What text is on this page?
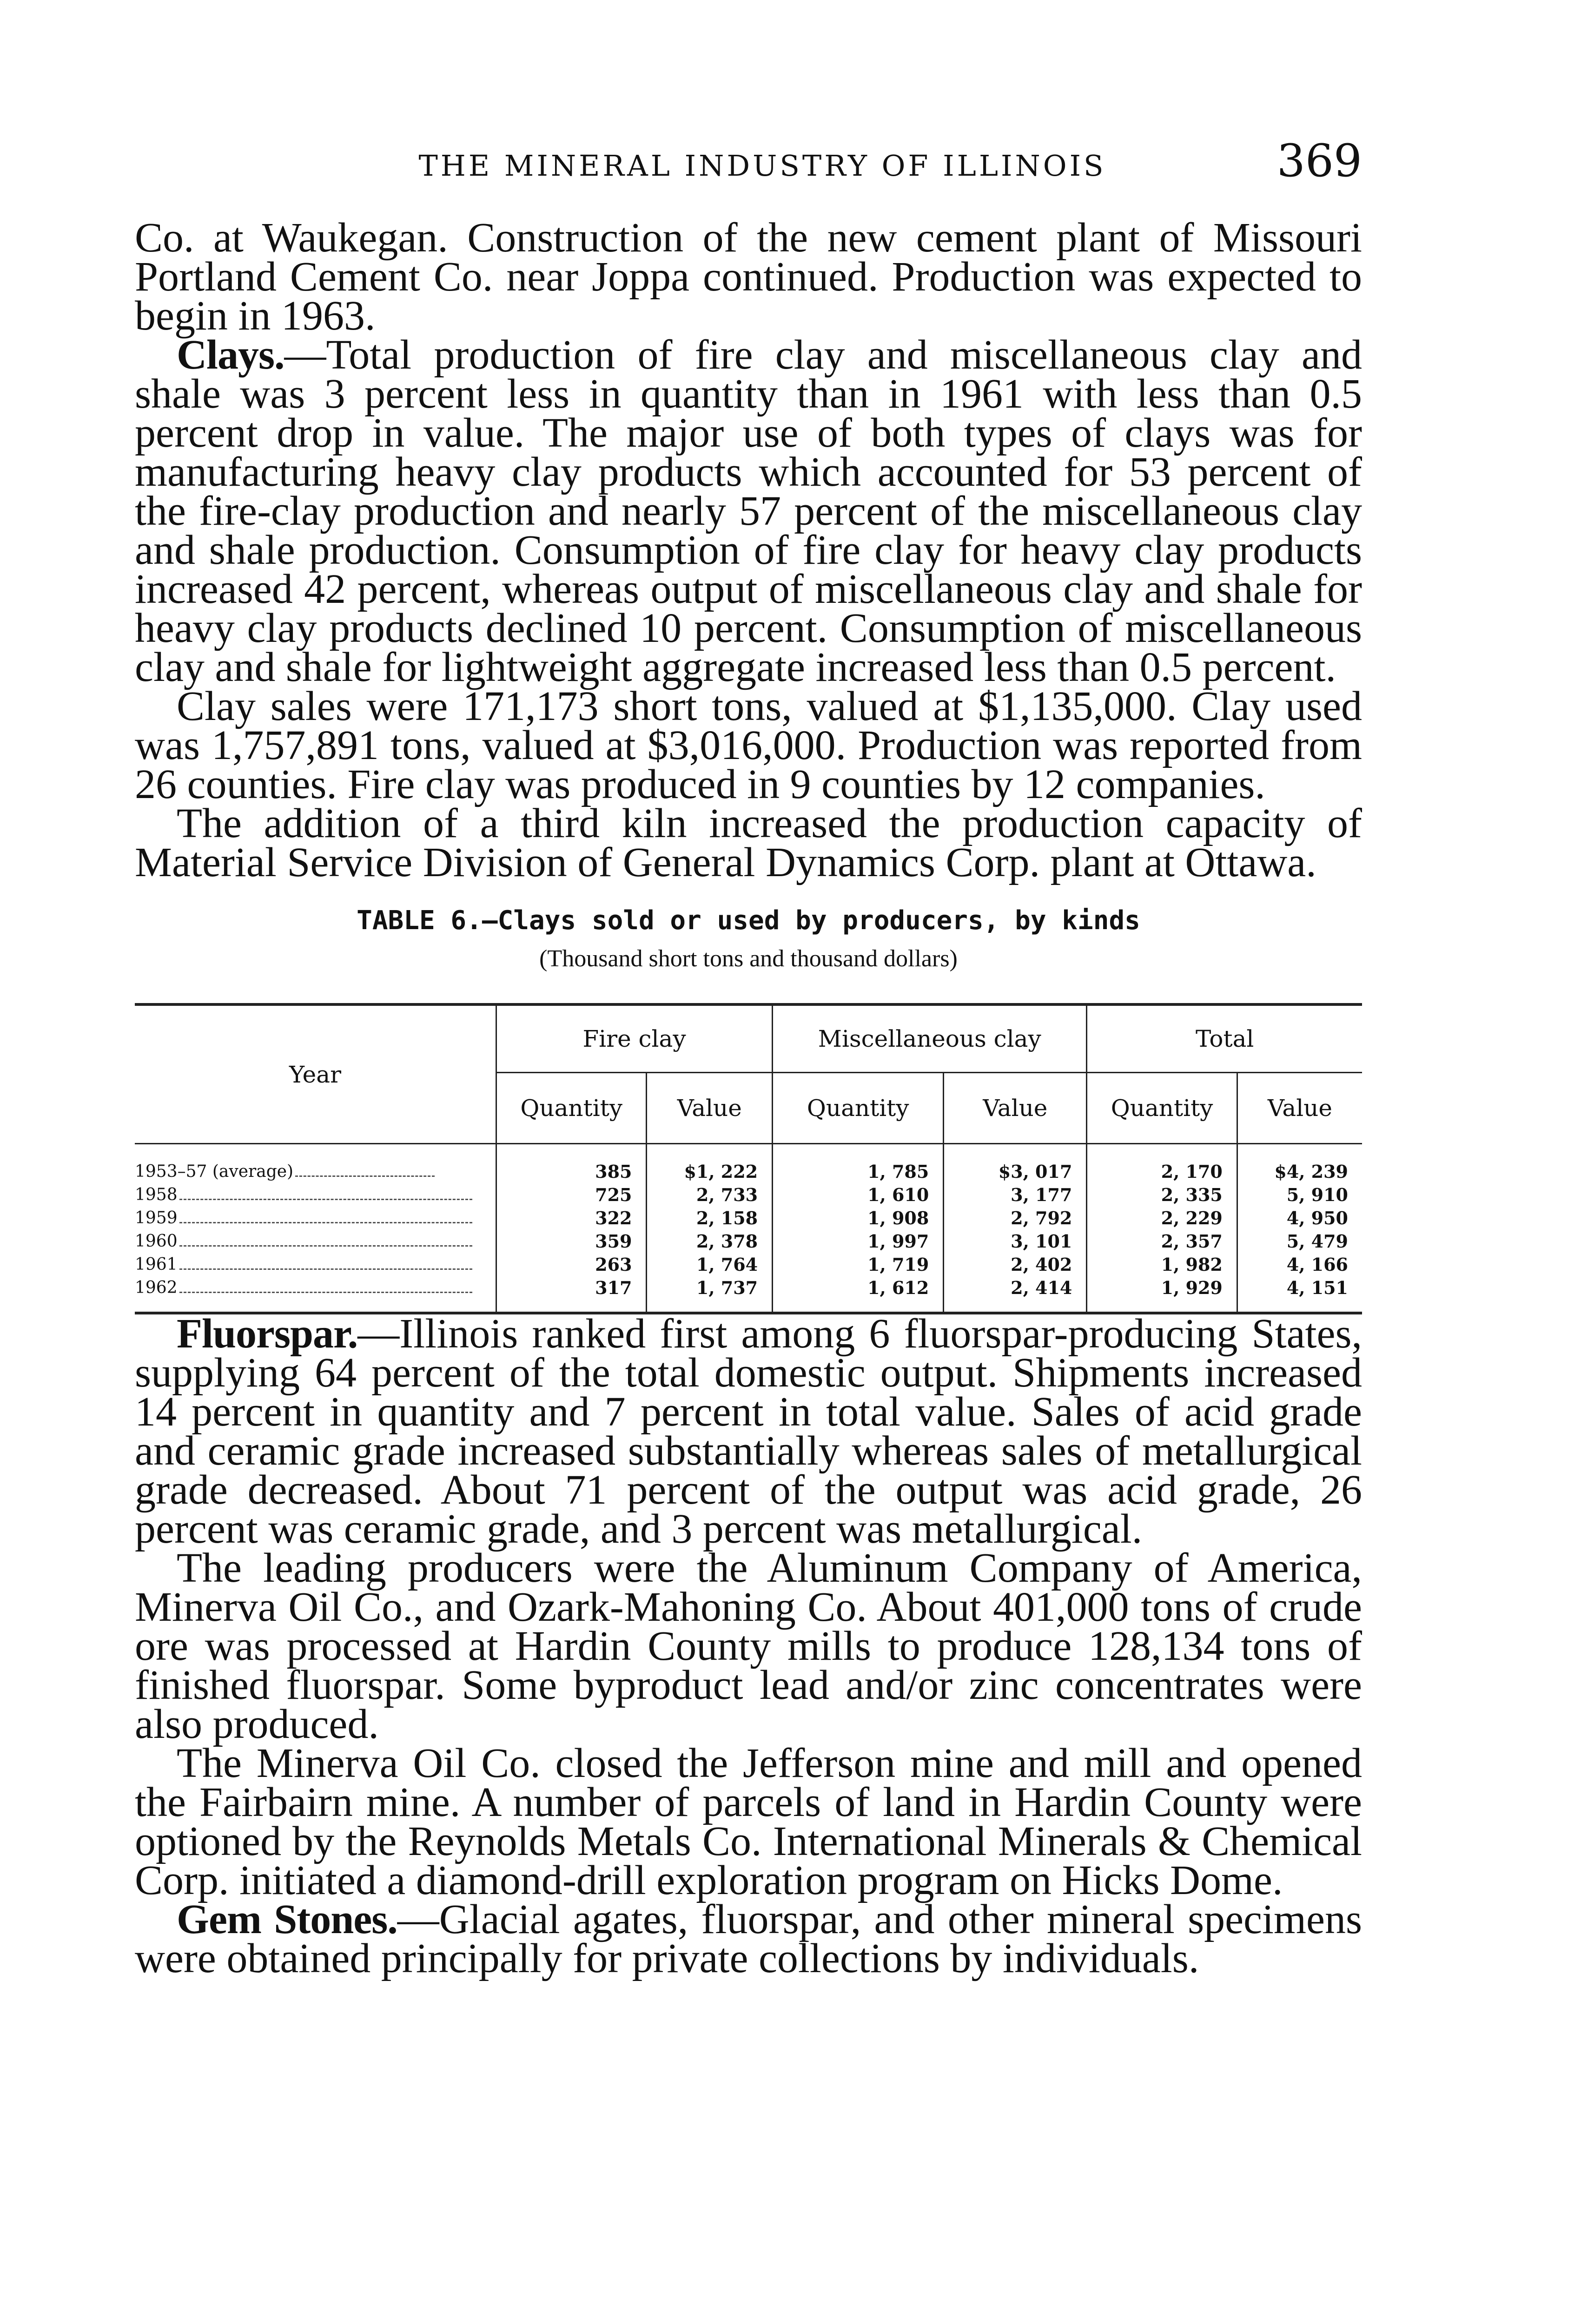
THE MINERAL INDUSTRY OF ILLINOIS	369

Co. at Waukegan. Construction of the new cement plant of Missouri Portland Cement Co. near Joppa continued. Production was expected to begin in 1963.

Clays.—Total production of fire clay and miscellaneous clay and shale was 3 percent less in quantity than in 1961 with less than 0.5 percent drop in value. The major use of both types of clays was for manufacturing heavy clay products which accounted for 53 percent of the fire-clay production and nearly 57 percent of the miscellaneous clay and shale production. Consumption of fire clay for heavy clay products increased 42 percent, whereas output of miscellaneous clay and shale for heavy clay products declined 10 percent. Consumption of miscellaneous clay and shale for lightweight aggregate increased less than 0.5 percent.

Clay sales were 171,173 short tons, valued at $1,135,000. Clay used was 1,757,891 tons, valued at $3,016,000. Production was reported from 26 counties. Fire clay was produced in 9 counties by 12 companies.

The addition of a third kiln increased the production capacity of Material Service Division of General Dynamics Corp. plant at Ottawa.

TABLE 6.—Clays sold or used by producers, by kinds
(Thousand short tons and thousand dollars)
Year	Fire clay		Miscellaneous clay		Total	
	Quantity	Value	Quantity	Value	Quantity	Value
1953–57 (average)	385	$1, 222	1, 785	$3, 017	2, 170	$4, 239
1958	725	2, 733	1, 610	3, 177	2, 335	5, 910
1959	322	2, 158	1, 908	2, 792	2, 229	4, 950
1960	359	2, 378	1, 997	3, 101	2, 357	5, 479
1961	263	1, 764	1, 719	2, 402	1, 982	4, 166
1962	317	1, 737	1, 612	2, 414	1, 929	4, 151

Fluorspar.—Illinois ranked first among 6 fluorspar-producing States, supplying 64 percent of the total domestic output. Shipments increased 14 percent in quantity and 7 percent in total value. Sales of acid grade and ceramic grade increased substantially whereas sales of metallurgical grade decreased. About 71 percent of the output was acid grade, 26 percent was ceramic grade, and 3 percent was metallurgical.

The leading producers were the Aluminum Company of America, Minerva Oil Co., and Ozark-Mahoning Co. About 401,000 tons of crude ore was processed at Hardin County mills to produce 128,134 tons of finished fluorspar. Some byproduct lead and/or zinc concentrates were also produced.

The Minerva Oil Co. closed the Jefferson mine and mill and opened the Fairbairn mine. A number of parcels of land in Hardin County were optioned by the Reynolds Metals Co. International Minerals & Chemical Corp. initiated a diamond-drill exploration program on Hicks Dome.

Gem Stones.—Glacial agates, fluorspar, and other mineral specimens were obtained principally for private collections by individuals.
